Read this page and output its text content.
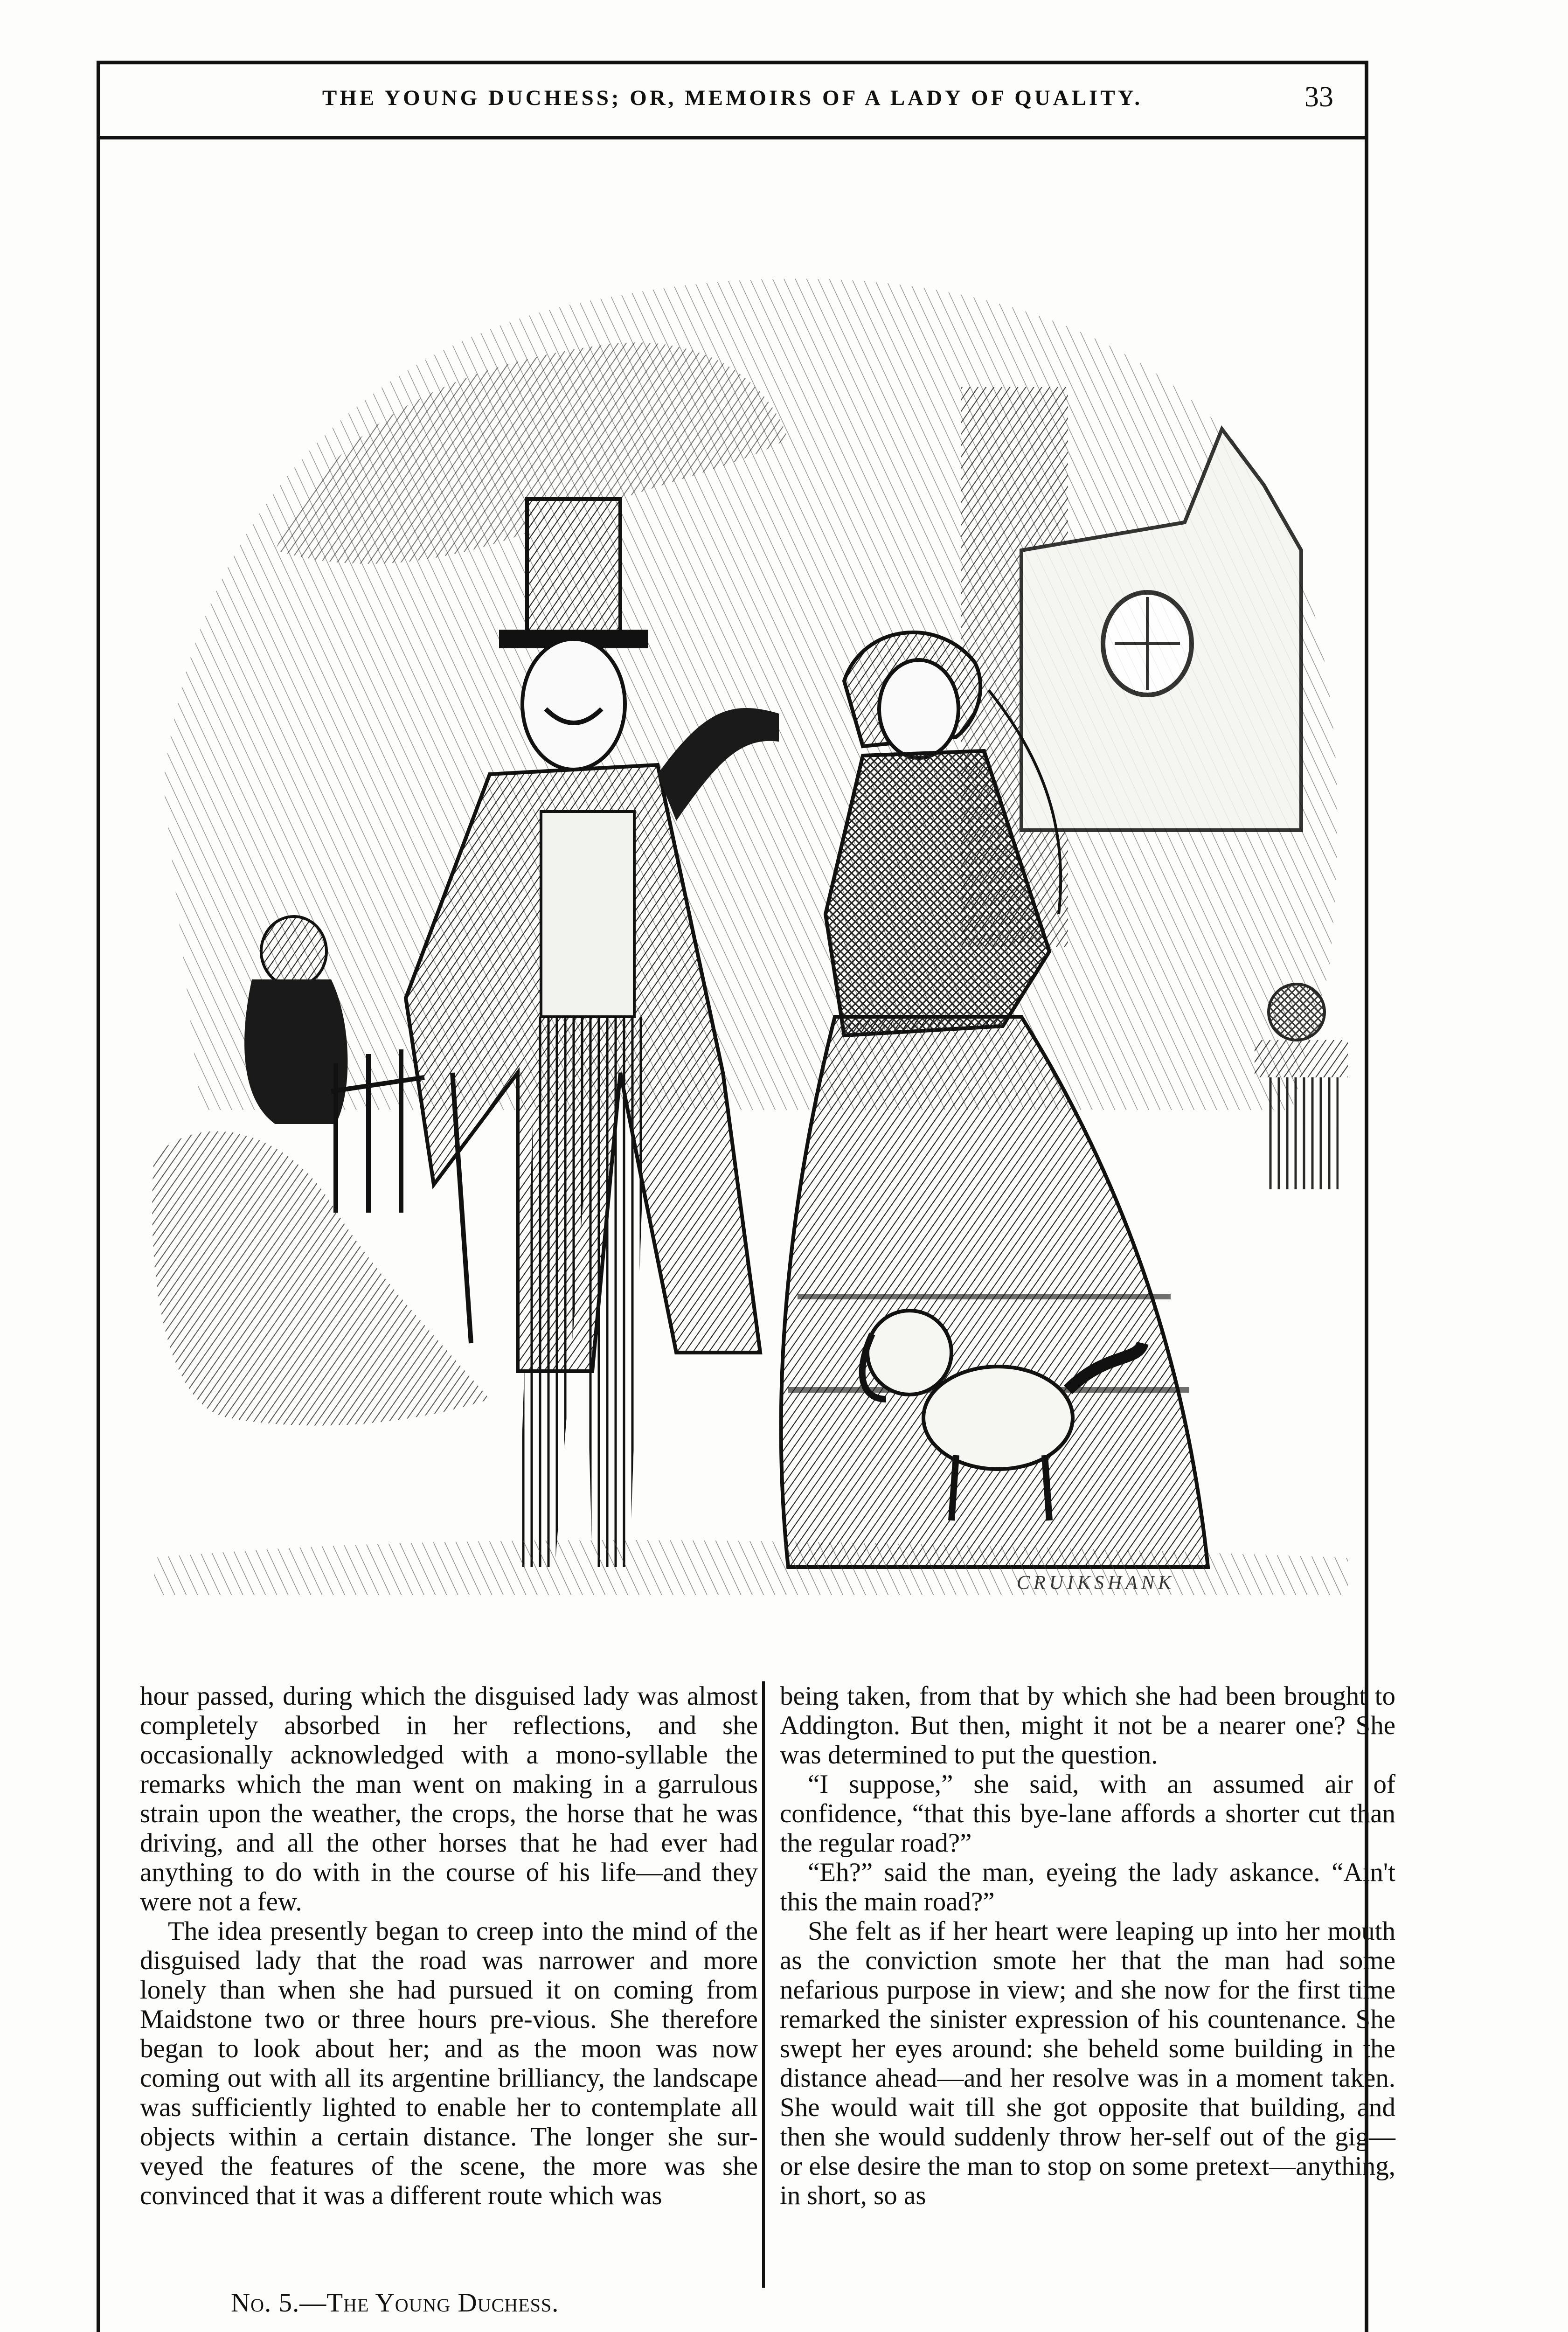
THE YOUNG DUCHESS; OR, MEMOIRS OF A LADY OF QUALITY.	33
CRUIKSHANK

hour passed, during which the disguised lady was almost completely absorbed in her reflections, and she occasionally acknowledged with a mono-syllable the remarks which the man went on making in a garrulous strain upon the weather, the crops, the horse that he was driving, and all the other horses that he had ever had anything to do with in the course of his life—and they were not a few.

The idea presently began to creep into the mind of the disguised lady that the road was narrower and more lonely than when she had pursued it on coming from Maidstone two or three hours pre-vious. She therefore began to look about her; and as the moon was now coming out with all its argentine brilliancy, the landscape was sufficiently lighted to enable her to contemplate all objects within a certain distance. The longer she sur-veyed the features of the scene, the more was she convinced that it was a different route which was

being taken, from that by which she had been brought to Addington. But then, might it not be a nearer one? She was determined to put the question.

“I suppose,” she said, with an assumed air of confidence, “that this bye-lane affords a shorter cut than the regular road?”

“Eh?” said the man, eyeing the lady askance. “Ain't this the main road?”

She felt as if her heart were leaping up into her mouth as the conviction smote her that the man had some nefarious purpose in view; and she now for the first time remarked the sinister expression of his countenance. She swept her eyes around: she beheld some building in the distance ahead—and her resolve was in a moment taken. She would wait till she got opposite that building, and then she would suddenly throw her-self out of the gig—or else desire the man to stop on some pretext—anything, in short, so as

No. 5.—The Young Duchess.
